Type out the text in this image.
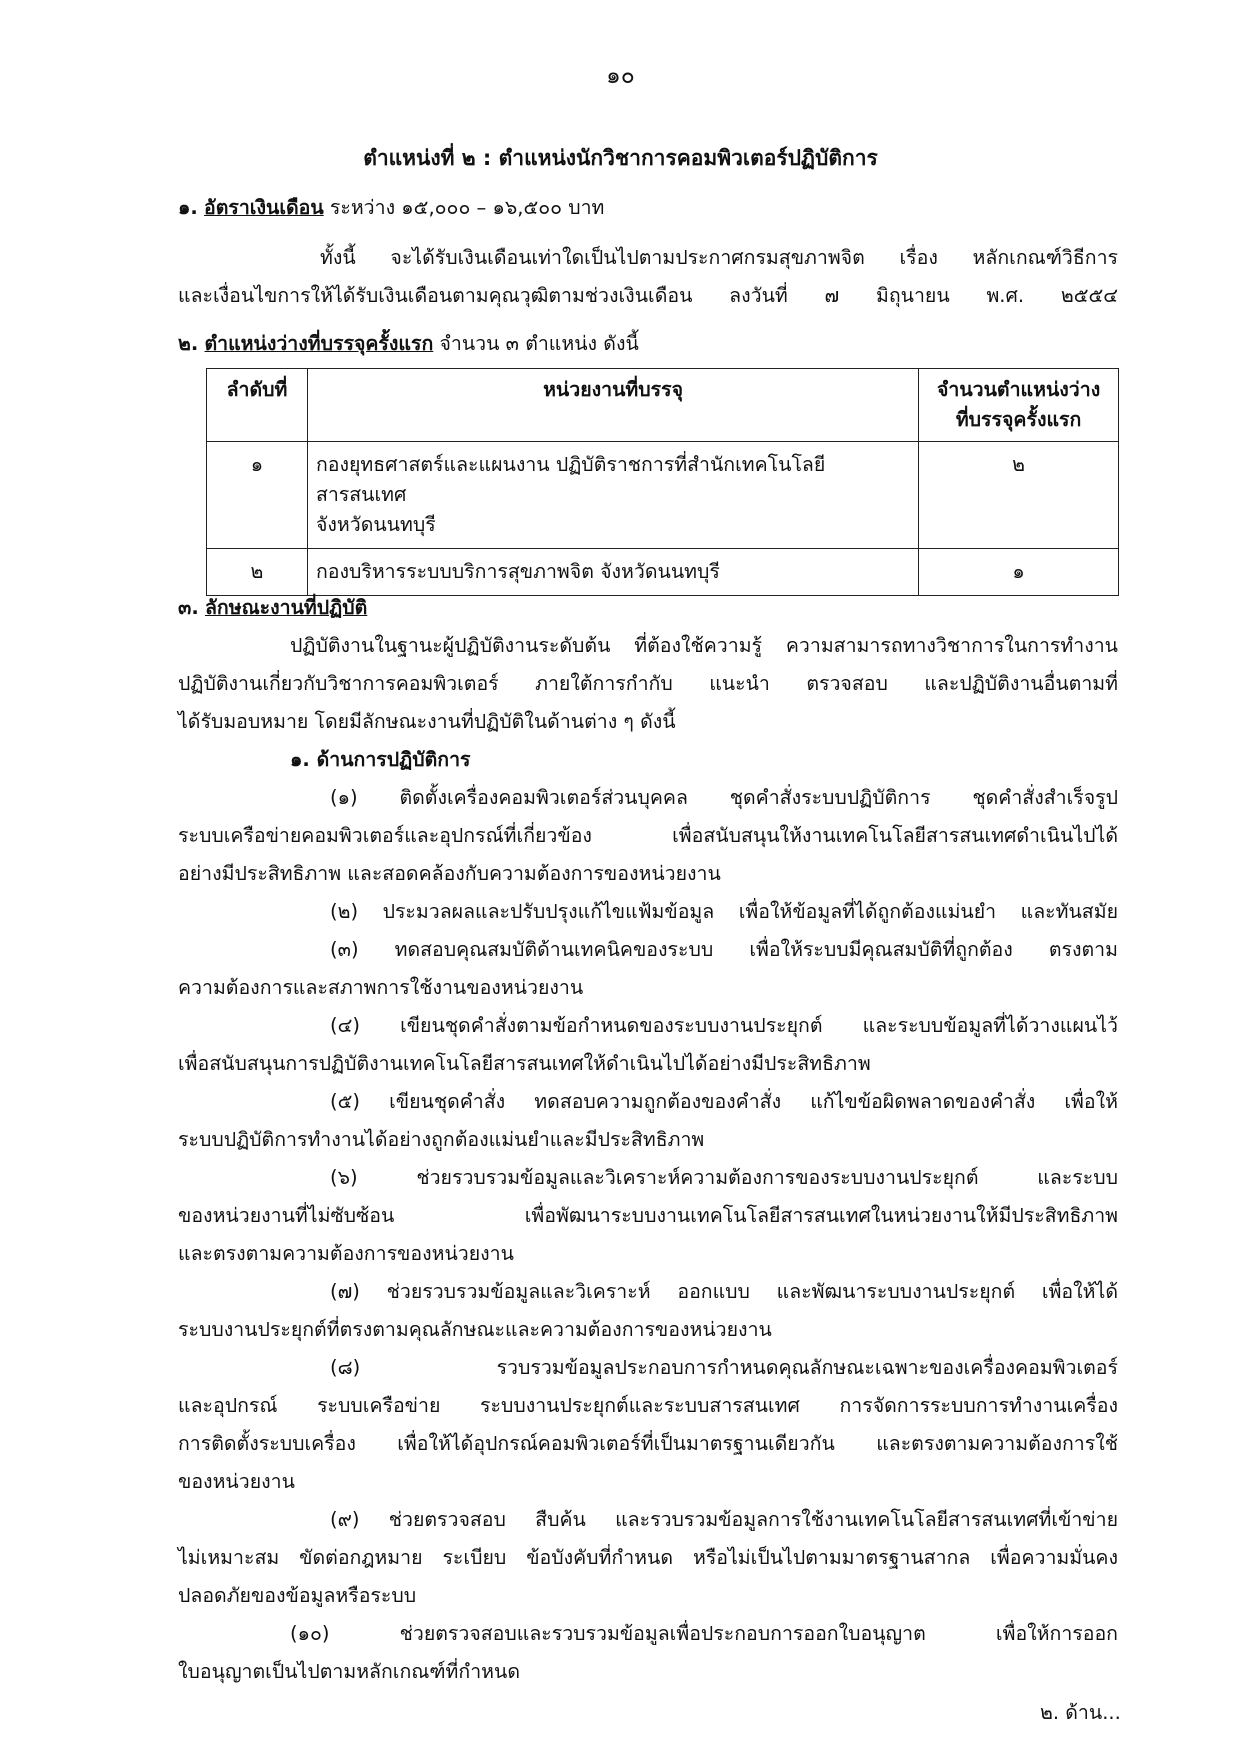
๑๐
ตำแหน่งที่ ๒ : ตำแหน่งนักวิชาการคอมพิวเตอร์ปฏิบัติการ
๑. อัตราเงินเดือน ระหว่าง ๑๕,๐๐๐ – ๑๖,๕๐๐ บาท
ทั้งนี้ จะได้รับเงินเดือนเท่าใดเป็นไปตามประกาศกรมสุขภาพจิต เรื่อง หลักเกณฑ์วิธีการ
และเงื่อนไขการให้ได้รับเงินเดือนตามคุณวุฒิตามช่วงเงินเดือน ลงวันที่ ๗ มิถุนายน พ.ศ. ๒๕๕๔
๒. ตำแหน่งว่างที่บรรจุครั้งแรก จำนวน ๓ ตำแหน่ง ดังนี้
ลำดับที่	หน่วยงานที่บรรจุ	จำนวนตำแหน่งว่าง
ที่บรรจุครั้งแรก

๑	กองยุทธศาสตร์และแผนงาน ปฏิบัติราชการที่สำนักเทคโนโลยีสารสนเทศ
จังหวัดนนทบุรี	๒
๒	กองบริหารระบบบริการสุขภาพจิต จังหวัดนนทบุรี	๑
๓. ลักษณะงานที่ปฏิบัติ
ปฏิบัติงานในฐานะผู้ปฏิบัติงานระดับต้น ที่ต้องใช้ความรู้ ความสามารถทางวิชาการในการทำงาน
ปฏิบัติงานเกี่ยวกับวิชาการคอมพิวเตอร์ ภายใต้การกำกับ แนะนำ ตรวจสอบ และปฏิบัติงานอื่นตามที่
ได้รับมอบหมาย โดยมีลักษณะงานที่ปฏิบัติในด้านต่าง ๆ ดังนี้
๑. ด้านการปฏิบัติการ
(๑) ติดตั้งเครื่องคอมพิวเตอร์ส่วนบุคคล ชุดคำสั่งระบบปฏิบัติการ ชุดคำสั่งสำเร็จรูป
ระบบเครือข่ายคอมพิวเตอร์และอุปกรณ์ที่เกี่ยวข้อง เพื่อสนับสนุนให้งานเทคโนโลยีสารสนเทศดำเนินไปได้
อย่างมีประสิทธิภาพ และสอดคล้องกับความต้องการของหน่วยงาน
(๒) ประมวลผลและปรับปรุงแก้ไขแฟ้มข้อมูล เพื่อให้ข้อมูลที่ได้ถูกต้องแม่นยำ และทันสมัย
(๓) ทดสอบคุณสมบัติด้านเทคนิคของระบบ เพื่อให้ระบบมีคุณสมบัติที่ถูกต้อง ตรงตาม
ความต้องการและสภาพการใช้งานของหน่วยงาน
(๔) เขียนชุดคำสั่งตามข้อกำหนดของระบบงานประยุกต์ และระบบข้อมูลที่ได้วางแผนไว้
เพื่อสนับสนุนการปฏิบัติงานเทคโนโลยีสารสนเทศให้ดำเนินไปได้อย่างมีประสิทธิภาพ
(๕) เขียนชุดคำสั่ง ทดสอบความถูกต้องของคำสั่ง แก้ไขข้อผิดพลาดของคำสั่ง เพื่อให้
ระบบปฏิบัติการทำงานได้อย่างถูกต้องแม่นยำและมีประสิทธิภาพ
(๖) ช่วยรวบรวมข้อมูลและวิเคราะห์ความต้องการของระบบงานประยุกต์ และระบบ
ของหน่วยงานที่ไม่ซับซ้อน เพื่อพัฒนาระบบงานเทคโนโลยีสารสนเทศในหน่วยงานให้มีประสิทธิภาพ
และตรงตามความต้องการของหน่วยงาน
(๗) ช่วยรวบรวมข้อมูลและวิเคราะห์ ออกแบบ และพัฒนาระบบงานประยุกต์ เพื่อให้ได้
ระบบงานประยุกต์ที่ตรงตามคุณลักษณะและความต้องการของหน่วยงาน
(๘) รวบรวมข้อมูลประกอบการกำหนดคุณลักษณะเฉพาะของเครื่องคอมพิวเตอร์
และอุปกรณ์ ระบบเครือข่าย ระบบงานประยุกต์และระบบสารสนเทศ การจัดการระบบการทำงานเครื่อง
การติดตั้งระบบเครื่อง เพื่อให้ได้อุปกรณ์คอมพิวเตอร์ที่เป็นมาตรฐานเดียวกัน และตรงตามความต้องการใช้
ของหน่วยงาน
(๙) ช่วยตรวจสอบ สืบค้น และรวบรวมข้อมูลการใช้งานเทคโนโลยีสารสนเทศที่เข้าข่าย
ไม่เหมาะสม ขัดต่อกฎหมาย ระเบียบ ข้อบังคับที่กำหนด หรือไม่เป็นไปตามมาตรฐานสากล เพื่อความมั่นคง
ปลอดภัยของข้อมูลหรือระบบ
(๑๐) ช่วยตรวจสอบและรวบรวมข้อมูลเพื่อประกอบการออกใบอนุญาต เพื่อให้การออก
ใบอนุญาตเป็นไปตามหลักเกณฑ์ที่กำหนด
๒. ด้าน...
